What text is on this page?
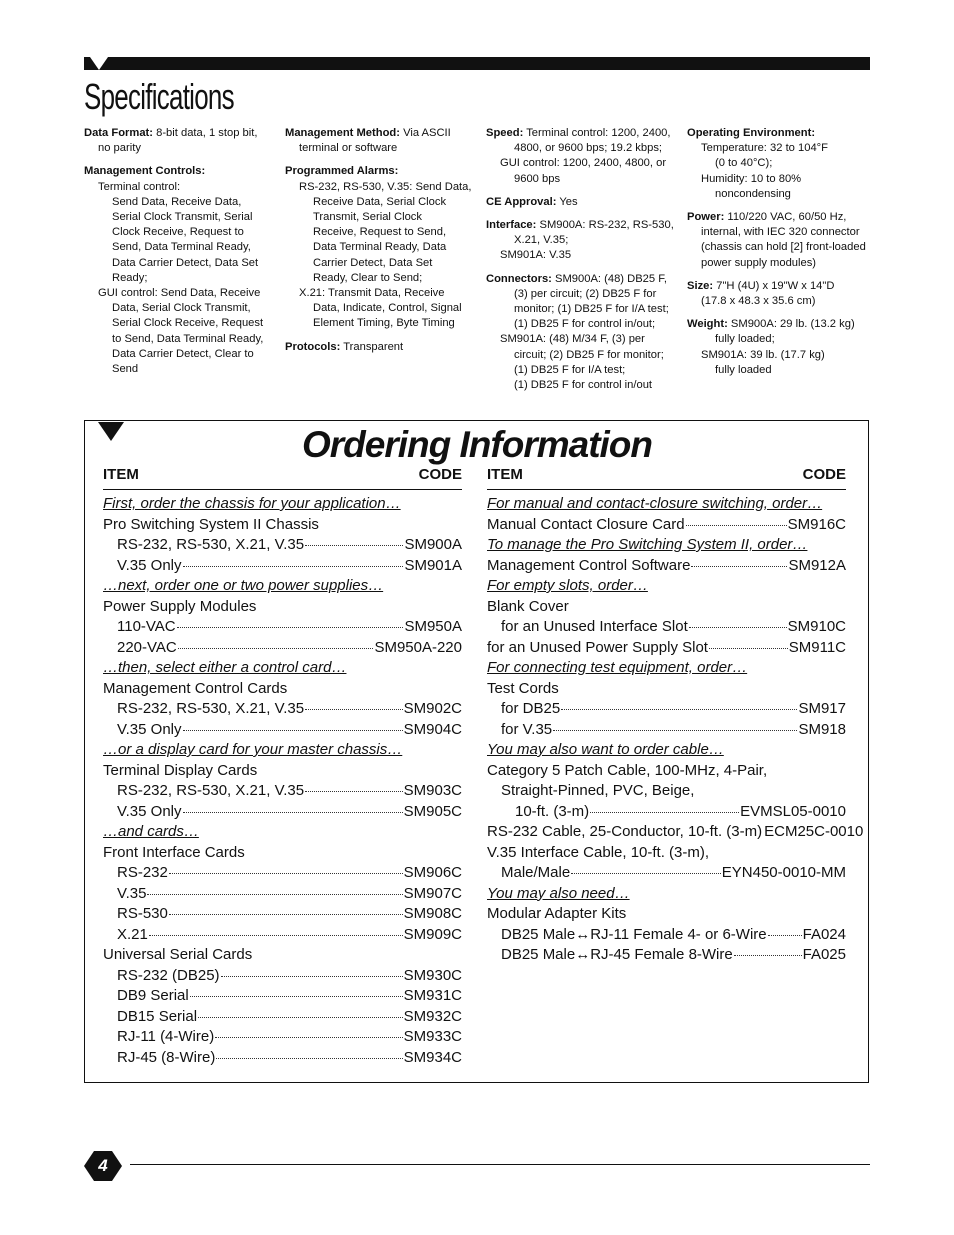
Specifications
Data Format: 8-bit data, 1 stop bit,
no parity
Management Controls:
Terminal control:
Send Data, Receive Data,
Serial Clock Transmit, Serial
Clock Receive, Request to
Send, Data Terminal Ready,
Data Carrier Detect, Data Set
Ready;
GUI control: Send Data, Receive
Data, Serial Clock Transmit,
Serial Clock Receive, Request
to Send, Data Terminal Ready,
Data Carrier Detect, Clear to
Send
Management Method: Via ASCII
terminal or software
Programmed Alarms:
RS-232, RS-530, V.35: Send Data,
Receive Data, Serial Clock
Transmit, Serial Clock
Receive, Request to Send,
Data Terminal Ready, Data
Carrier Detect, Data Set
Ready, Clear to Send;
X.21: Transmit Data, Receive
Data, Indicate, Control, Signal
Element Timing, Byte Timing
Protocols: Transparent
Speed: Terminal control: 1200, 2400,
4800, or 9600 bps; 19.2 kbps;
GUI control: 1200, 2400, 4800, or
9600 bps
CE Approval: Yes
Interface: SM900A: RS-232, RS-530,
X.21, V.35;
SM901A: V.35
Connectors: SM900A: (48) DB25 F,
(3) per circuit; (2) DB25 F for
monitor; (1) DB25 F for I/A test;
(1) DB25 F for control in/out;
SM901A: (48) M/34 F, (3) per
circuit; (2) DB25 F for monitor;
(1) DB25 F for I/A test;
(1) DB25 F for control in/out
Operating Environment:
Temperature: 32 to 104°F
(0 to 40°C);
Humidity: 10 to 80%
noncondensing
Power: 110/220 VAC, 60/50 Hz,
internal, with IEC 320 connector
(chassis can hold [2] front-loaded
power supply modules)
Size: 7"H (4U) x 19"W x 14"D
(17.8 x 48.3 x 35.6 cm)
Weight: SM900A: 29 lb. (13.2 kg)
fully loaded;
SM901A: 39 lb. (17.7 kg)
fully loaded
Ordering Information
ITEM	CODE
First, order the chassis for your application…
Pro Switching System II Chassis
RS-232, RS-530, X.21, V.35	SM900A
V.35 Only	SM901A
…next, order one or two power supplies…
Power Supply Modules
110-VAC	SM950A
220-VAC	SM950A-220
…then, select either a control card…
Management Control Cards
RS-232, RS-530, X.21, V.35	SM902C
V.35 Only	SM904C
…or a display card for your master chassis…
Terminal Display Cards
RS-232, RS-530, X.21, V.35	SM903C
V.35 Only	SM905C
…and cards…
Front Interface Cards
RS-232	SM906C
V.35	SM907C
RS-530	SM908C
X.21	SM909C
Universal Serial Cards
RS-232 (DB25)	SM930C
DB9 Serial	SM931C
DB15 Serial	SM932C
RJ-11 (4-Wire)	SM933C
RJ-45 (8-Wire)	SM934C
ITEM	CODE
For manual and contact-closure switching, order…
Manual Contact Closure Card	SM916C
To manage the Pro Switching System II, order…
Management Control Software	SM912A
For empty slots, order…
Blank Cover
for an Unused Interface Slot	SM910C
for an Unused Power Supply Slot	SM911C
For connecting test equipment, order…
Test Cords
for DB25	SM917
for V.35	SM918
You may also want to order cable…
Category 5 Patch Cable, 100-MHz, 4-Pair,
Straight-Pinned, PVC, Beige,
10-ft. (3-m)	EVMSL05-0010
RS-232 Cable, 25-Conductor, 10-ft. (3-m) ECM25C-0010
V.35 Interface Cable, 10-ft. (3-m),
Male/Male	EYN450-0010-MM
You may also need…
Modular Adapter Kits
DB25 Male↔RJ-11 Female 4- or 6-Wire FA024
DB25 Male↔RJ-45 Female 8-Wire	FA025
4
